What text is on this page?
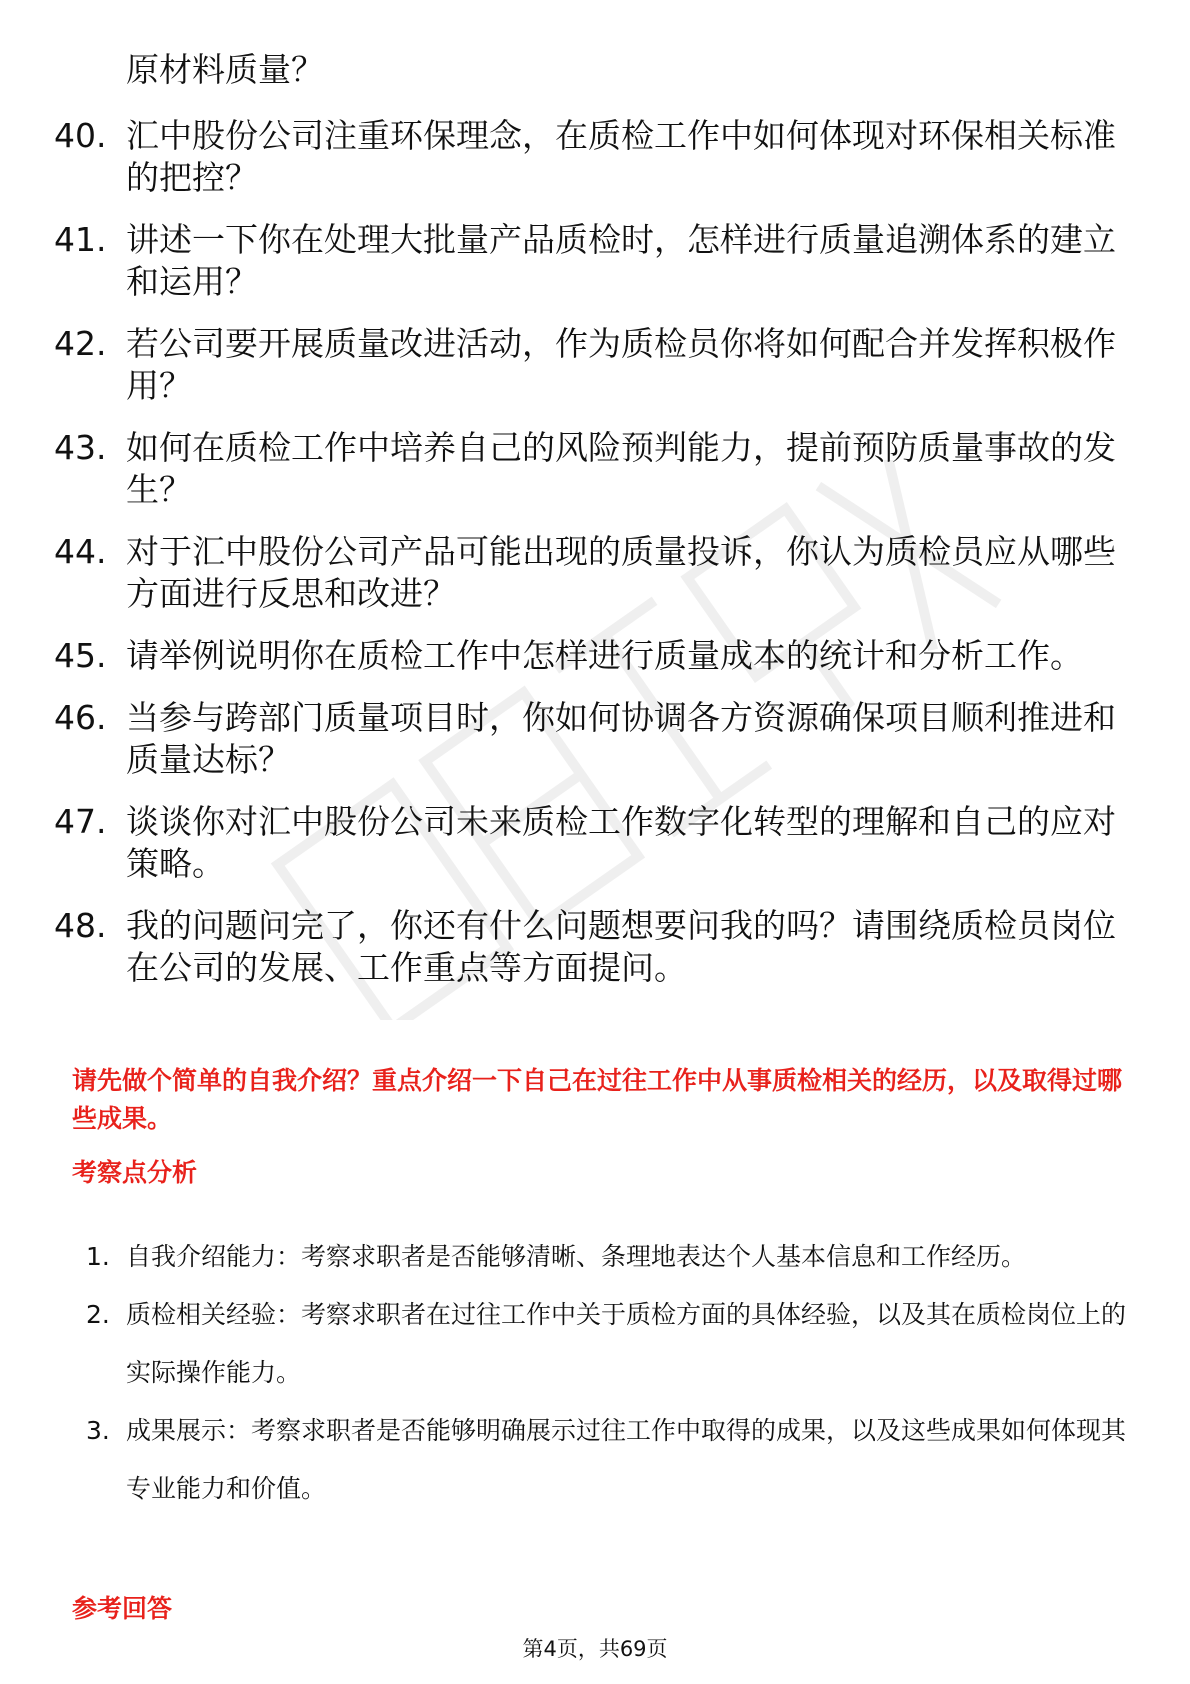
原材料质量？
40. 汇中股份公司注重环保理念，在质检工作中如何体现对环保相关标准的把控？
41. 讲述一下你在处理大批量产品质检时，怎样进行质量追溯体系的建立和运用？
42. 若公司要开展质量改进活动，作为质检员你将如何配合并发挥积极作用？
43. 如何在质检工作中培养自己的风险预判能力，提前预防质量事故的发生？
44. 对于汇中股份公司产品可能出现的质量投诉，你认为质检员应从哪些方面进行反思和改进？
45. 请举例说明你在质检工作中怎样进行质量成本的统计和分析工作。
46. 当参与跨部门质量项目时，你如何协调各方资源确保项目顺利推进和质量达标？
47. 谈谈你对汇中股份公司未来质检工作数字化转型的理解和自己的应对策略。
48. 我的问题问完了，你还有什么问题想要问我的吗？请围绕质检员岗位在公司的发展、工作重点等方面提问。
请先做个简单的自我介绍？重点介绍一下自己在过往工作中从事质检相关的经历，以及取得过哪些成果。
考察点分析
1. 自我介绍能力：考察求职者是否能够清晰、条理地表达个人基本信息和工作经历。
2. 质检相关经验：考察求职者在过往工作中关于质检方面的具体经验，以及其在质检岗位上的实际操作能力。
3. 成果展示：考察求职者是否能够明确展示过往工作中取得的成果，以及这些成果如何体现其专业能力和价值。
参考回答
第4页，共69页
